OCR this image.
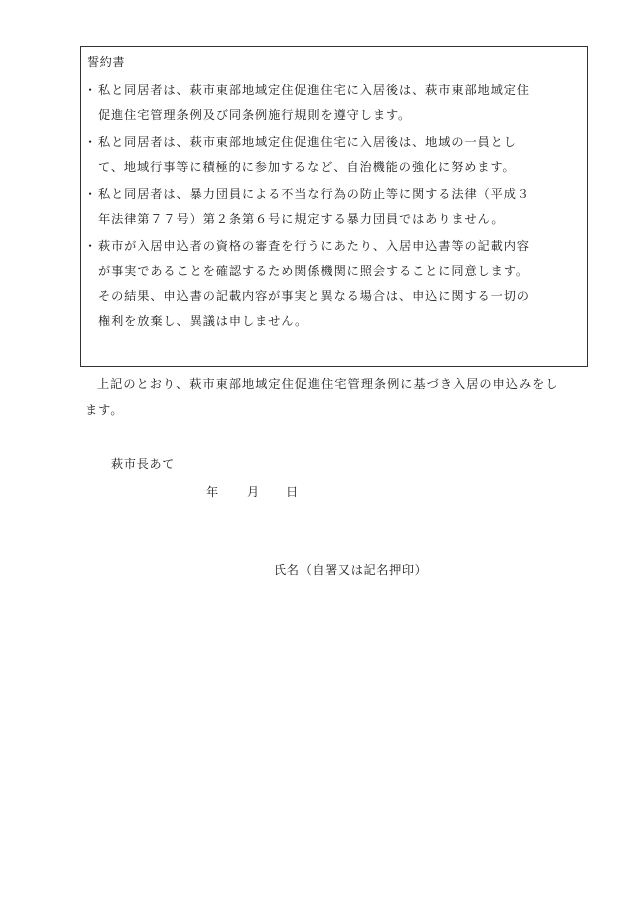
誓約書
・ 私と同居者は、萩市東部地域定住促進住宅に入居後は、萩市東部地域定住
促進住宅管理条例及び同条例施行規則を遵守します。
・ 私と同居者は、萩市東部地域定住促進住宅に入居後は、地域の一員とし
て、地域行事等に積極的に参加するなど、自治機能の強化に努めます。
・ 私と同居者は、暴力団員による不当な行為の防止等に関する法律（平成３
年法律第７７号）第２条第６号に規定する暴力団員ではありません。
・ 萩市が入居申込者の資格の審査を行うにあたり、入居申込書等の記載内容
が事実であることを確認するため関係機関に照会することに同意します。
その結果、申込書の記載内容が事実と異なる場合は、申込に関する一切の
権利を放棄し、異議は申しません。
上記のとおり、萩市東部地域定住促進住宅管理条例に基づき入居の申込みをし
ます。
萩市長あて
年 月 日
氏名（自署又は記名押印）
